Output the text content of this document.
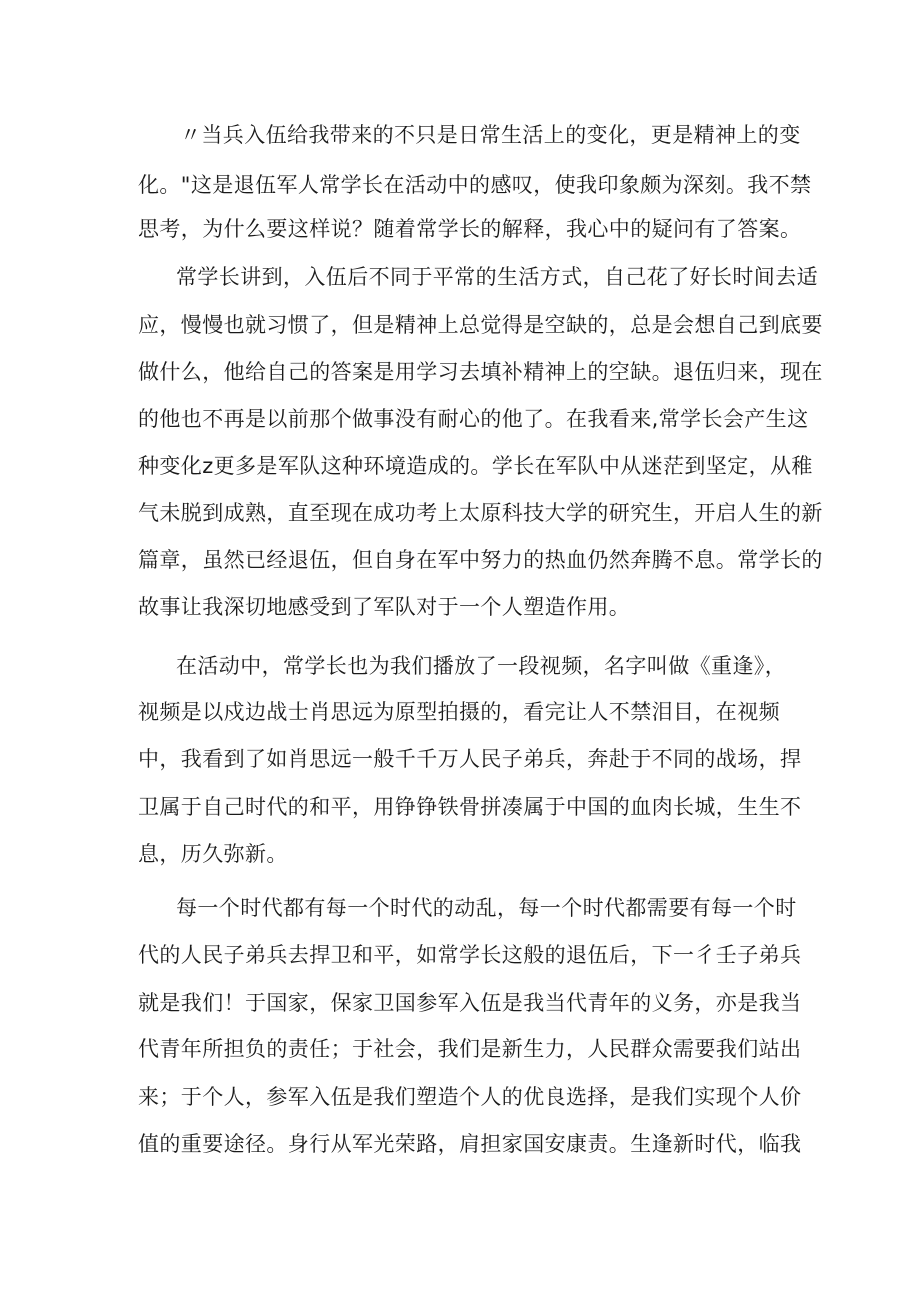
〃当兵入伍给我带来的不只是日常生活上的变化，更是精神上的变

化。"这是退伍军人常学长在活动中的感叹，使我印象颇为深刻。我不禁

思考，为什么要这样说？随着常学长的解释，我心中的疑问有了答案。

常学长讲到，入伍后不同于平常的生活方式，自己花了好长时间去适

应，慢慢也就习惯了，但是精神上总觉得是空缺的，总是会想自己到底要

做什么，他给自己的答案是用学习去填补精神上的空缺。退伍归来，现在

的他也不再是以前那个做事没有耐心的他了。在我看来,常学长会产生这

种变化z更多是军队这种环境造成的。学长在军队中从迷茫到坚定，从稚

气未脱到成熟，直至现在成功考上太原科技大学的研究生，开启人生的新

篇章，虽然已经退伍，但自身在军中努力的热血仍然奔腾不息。常学长的

故事让我深切地感受到了军队对于一个人塑造作用。

在活动中，常学长也为我们播放了一段视频，名字叫做《重逢》，

视频是以戍边战士肖思远为原型拍摄的，看完让人不禁泪目，在视频

中，我看到了如肖思远一般千千万人民子弟兵，奔赴于不同的战场，捍

卫属于自己时代的和平，用铮铮铁骨拼凑属于中国的血肉长城，生生不

息，历久弥新。

每一个时代都有每一个时代的动乱，每一个时代都需要有每一个时

代的人民子弟兵去捍卫和平，如常学长这般的退伍后，下一彳壬子弟兵

就是我们！于国家，保家卫国参军入伍是我当代青年的义务，亦是我当

代青年所担负的责任；于社会，我们是新生力，人民群众需要我们站出

来；于个人，参军入伍是我们塑造个人的优良选择，是我们实现个人价

值的重要途径。身行从军光荣路，肩担家国安康责。生逢新时代，临我
